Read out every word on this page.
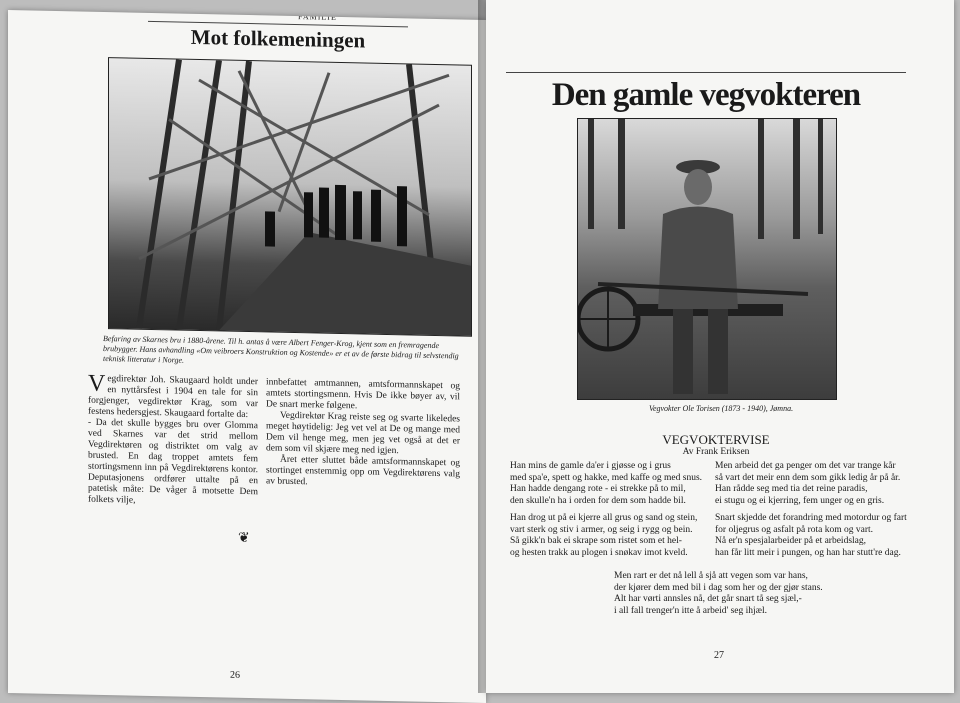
FAMILIE
Mot folkemeningen
Befaring av Skarnes bru i 1880-årene. Til h. antas å være Albert Fenger-Krog, kjent som en fremragende brubygger. Hans avhandling «Om veibroers Konstruktion og Kostende» er et av de første bidrag til selvstendig teknisk litteratur i Norge.

Vegdirektør Joh. Skaugaard holdt under en nyttårsfest i 1904 en tale for sin forgjenger, vegdirektør Krag, som var festens hedersgjest. Skaugaard fortalte da:

- Da det skulle bygges bru over Glomma ved Skarnes var det strid mellom Vegdirektøren og distriktet om valg av brusted. En dag troppet amtets fem stortingsmenn inn på Vegdirektørens kontor. Deputasjonens ordfører uttalte på en patetisk måte: De våger å motsette Dem folkets vilje,

innbefattet amtmannen, amtsformannskapet og amtets stortingsmenn. Hvis De ikke bøyer av, vil De snart merke følgene.

Vegdirektør Krag reiste seg og svarte likeledes meget høytidelig: Jeg vet vel at De og mange med Dem vil henge meg, men jeg vet også at det er dem som vil skjære meg ned igjen.

Året etter sluttet både amtsformannskapet og stortinget enstemmig opp om Vegdirektørens valg av brusted.

❦
26
Den gamle vegvokteren
Vegvokter Ole Torisen (1873 - 1940), Jømna.
VEGVOKTERVISE
Av Frank Eriksen
Han mins de gamle da'er i gjøsse og i grus
med spa'e, spett og hakke, med kaffe og med snus.
Han hadde dengang rote - ei strekke på to mil,
den skulle'n ha i orden for dem som hadde bil.
Men arbeid det ga penger om det var trange kår
så vart det meir enn dem som gikk ledig år på år.
Han rådde seg med tia det reine paradis,
ei stugu og ei kjerring, fem unger og en gris.
Han drog ut på ei kjerre all grus og sand og stein,
vart sterk og stiv i armer, og seig i rygg og bein.
Så gikk'n bak ei skrape som ristet som et hel-
og hesten trakk au plogen i snøkav imot kveld.
Snart skjedde det forandring med motordur og fart
for oljegrus og asfalt på rota kom og vart.
Nå er'n spesjalarbeider på et arbeidslag,
han får litt meir i pungen, og han har stutt're dag.
Men rart er det nå lell å sjå att vegen som var hans,
der kjører dem med bil i dag som her og der gjør stans.
Alt har vørti annsles nå, det går snart tå seg sjæl,-
i all fall trenger'n itte å arbeid' seg ihjæl.
27
